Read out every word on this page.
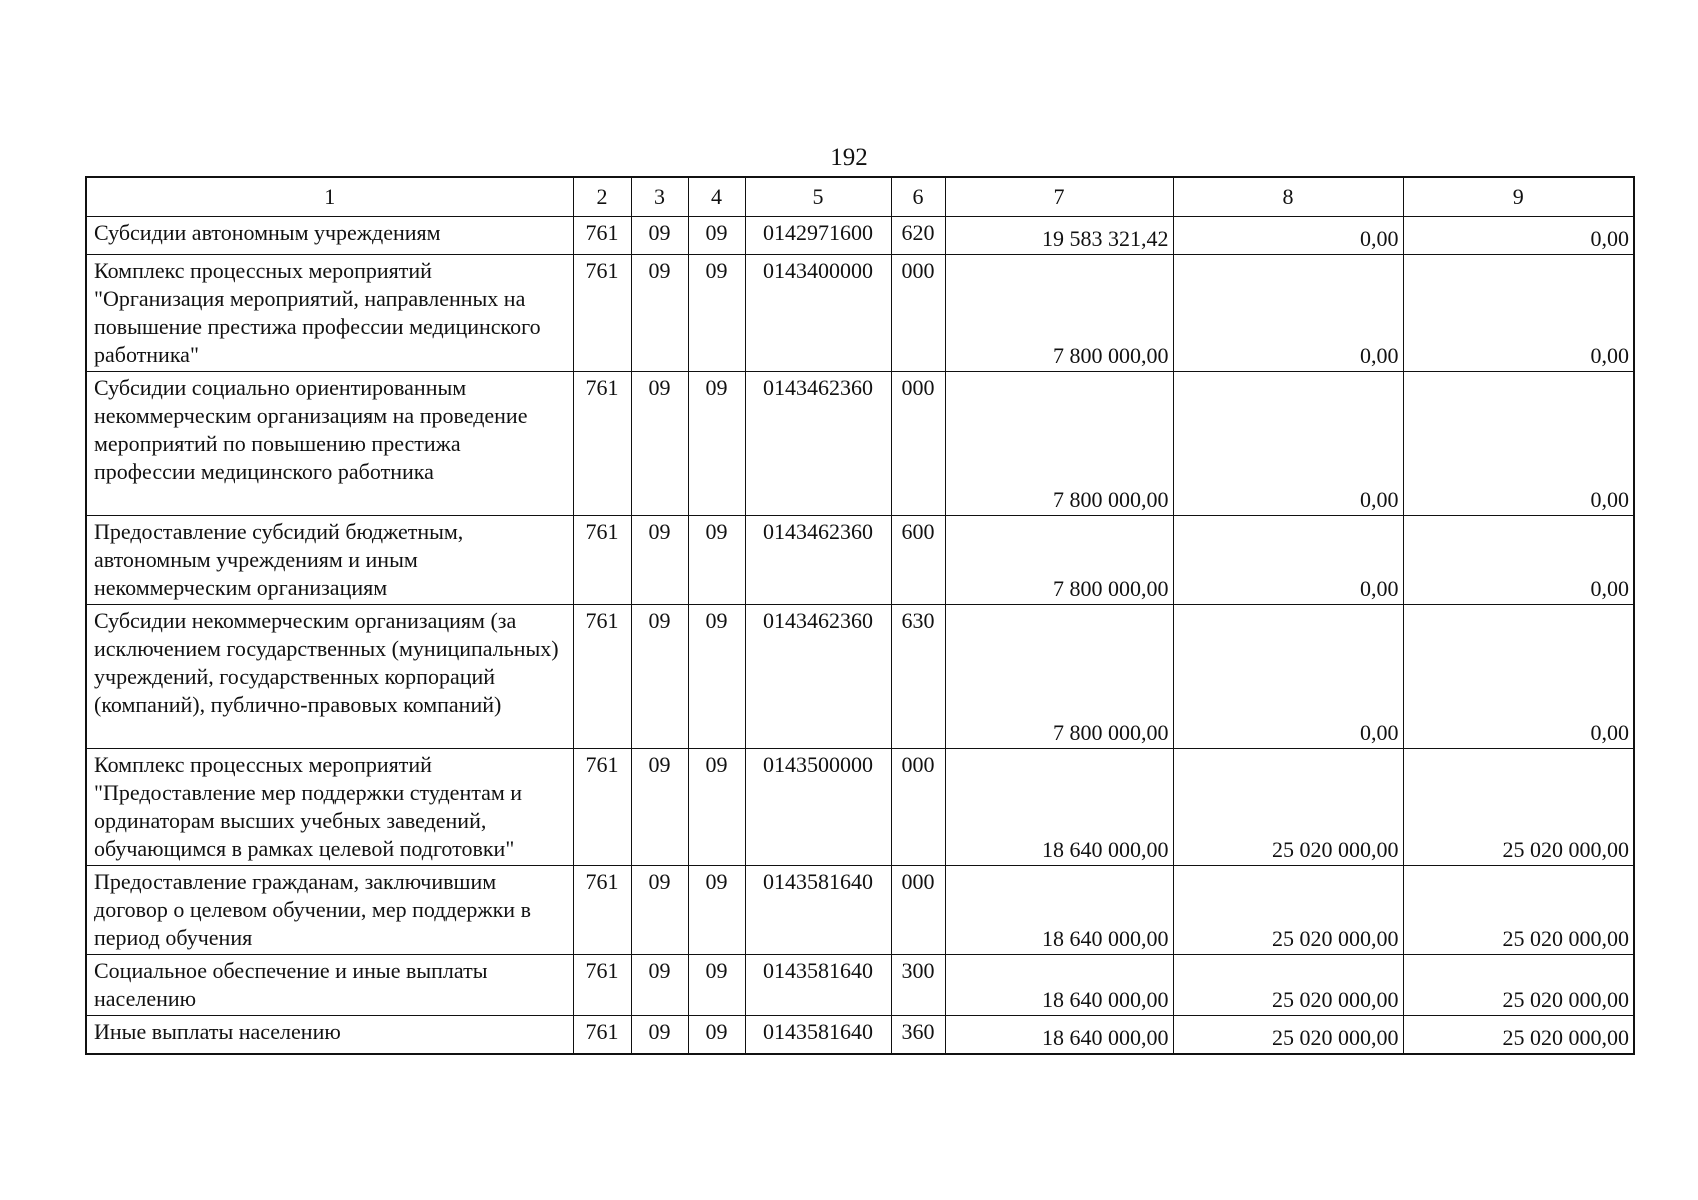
192
1	2	3	4	5	6	7	8	9
Субсидии автономным учреждениям	761	09	09	0142971600	620	19 583 321,42	0,00	0,00
Комплекс процессных мероприятий "Организация мероприятий, направленных на повышение престижа профессии медицинского работника"	761	09	09	0143400000	000	7 800 000,00	0,00	0,00
Субсидии социально ориентированным некоммерческим организациям на проведение мероприятий по повышению престижа профессии медицинского работника	761	09	09	0143462360	000	7 800 000,00	0,00	0,00
Предоставление субсидий бюджетным, автономным учреждениям и иным некоммерческим организациям	761	09	09	0143462360	600	7 800 000,00	0,00	0,00
Субсидии некоммерческим организациям (за исключением государственных (муниципальных) учреждений, государственных корпораций (компаний), публично-правовых компаний)	761	09	09	0143462360	630	7 800 000,00	0,00	0,00
Комплекс процессных мероприятий "Предоставление мер поддержки студентам и ординаторам высших учебных заведений, обучающимся в рамках целевой подготовки"	761	09	09	0143500000	000	18 640 000,00	25 020 000,00	25 020 000,00
Предоставление гражданам, заключившим договор о целевом обучении, мер поддержки в период обучения	761	09	09	0143581640	000	18 640 000,00	25 020 000,00	25 020 000,00
Социальное обеспечение и иные выплаты населению	761	09	09	0143581640	300	18 640 000,00	25 020 000,00	25 020 000,00
Иные выплаты населению	761	09	09	0143581640	360	18 640 000,00	25 020 000,00	25 020 000,00
